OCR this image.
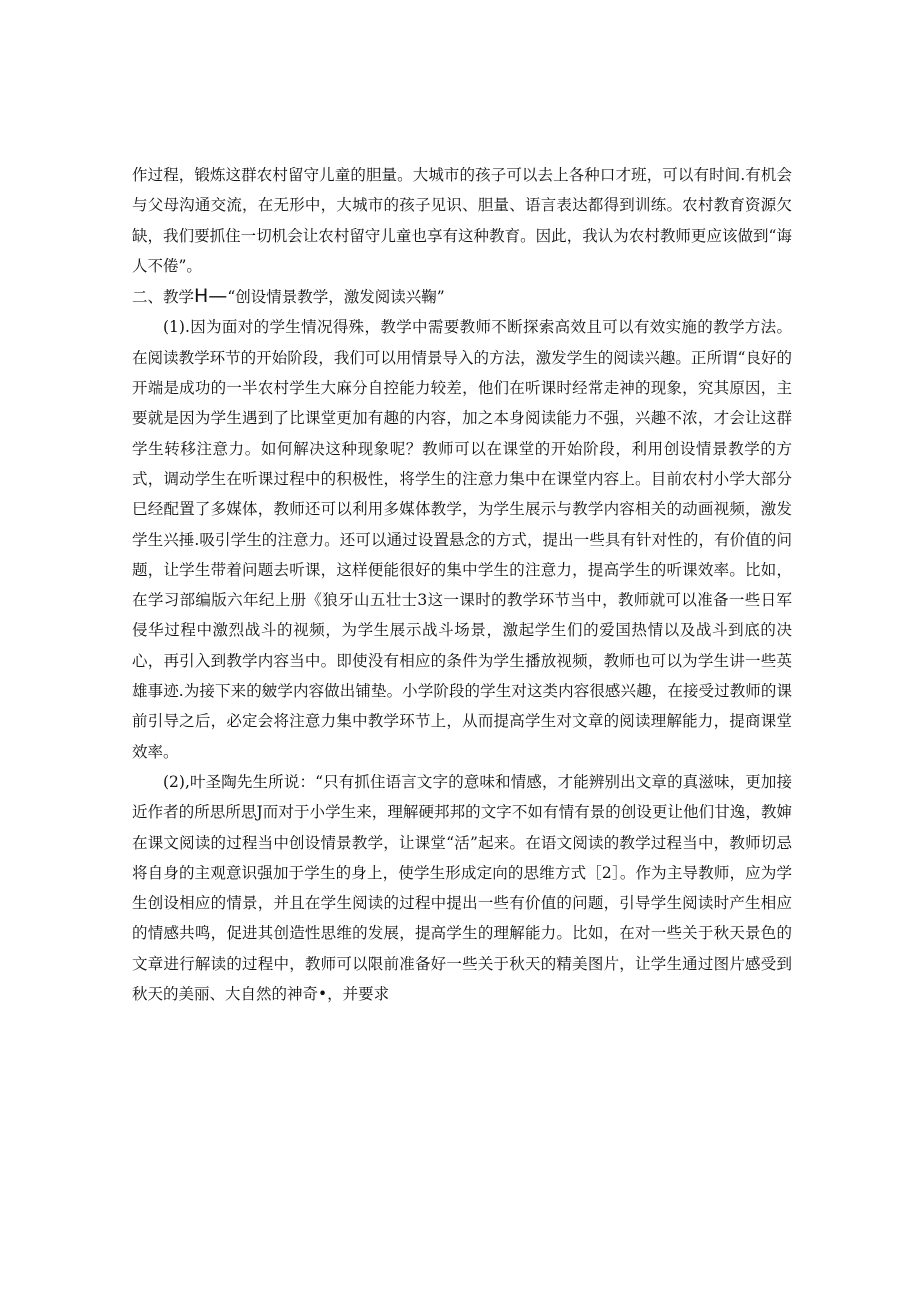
作过程，锻炼这群农村留守儿童的胆量。大城市的孩子可以去上各种口才班，可以有时间.有机会与父母沟通交流，在无形中，大城市的孩子见识、胆量、语言表达都得到训练。农村教育资源欠缺，我们要抓住一切机会让农村留守儿童也享有这种教育。因此，我认为农村教师更应该做到“诲人不倦”。

二、教学H—“创设情景教学，激发阅读兴鞠”

(1).因为面对的学生情况得殊，教学中需要教师不断探索高效且可以有效实施的教学方法。在阅读教学环节的开始阶段，我们可以用情景导入的方法，激发学生的阅读兴趣。正所谓“良好的开端是成功的一半农村学生大麻分自控能力较差，他们在听课时经常走神的现象，究其原因，主要就是因为学生遇到了比课堂更加有趣的内容，加之本身阅读能力不强，兴趣不浓，才会让这群学生转移注意力。如何解决这种现象呢？教师可以在课堂的开始阶段，利用创设情景教学的方式，调动学生在听课过程中的积极性，将学生的注意力集中在课堂内容上。目前农村小学大部分巳经配置了多媒体，教师还可以利用多媒体教学，为学生展示与教学内容相关的动画视频，激发学生兴捶.吸引学生的注意力。还可以通过设置悬念的方式，提出一些具有针对性的，有价值的问题，让学生带着问题去听课，这样便能很好的集中学生的注意力，提高学生的听课效率。比如，在学习部编版六年纪上册《狼牙山五壮士3这一课时的教学环节当中，教师就可以准备一些日军侵华过程中激烈战斗的视频，为学生展示战斗场景，激起学生们的爱国热情以及战斗到底的决心，再引入到教学内容当中。即使没有相应的条件为学生播放视频，教师也可以为学生讲一些英雄事迹.为接下来的皴学内容做出铺垫。小学阶段的学生对这类内容很感兴趣，在接受过教师的课前引导之后，必定会将注意力集中教学环节上，从而提高学生对文章的阅读理解能力，提商课堂效率。

(2),叶圣陶先生所说：“只有抓住语言文字的意味和情感，才能辨别出文章的真滋味，更加接近作者的所思所思J而对于小学生来，理解硬邦邦的文字不如有情有景的创设更让他们甘逸，教婶在课文阅读的过程当中创设情景教学，让课堂“活”起来。在语文阅读的教学过程当中，教师切忌将自身的主观意识强加于学生的身上，使学生形成定向的思维方式［2］。作为主导教师，应为学生创设相应的情景，并且在学生阅读的过程中提出一些有价值的问题，引导学生阅读时产生相应的情感共鸣，促进其创造性思维的发展，提高学生的理解能力。比如，在对一些关于秋天景色的文章进行解读的过程中，教师可以限前准备好一些关于秋天的精美图片，让学生通过图片感受到秋天的美丽、大自然的神奇•，并要求
